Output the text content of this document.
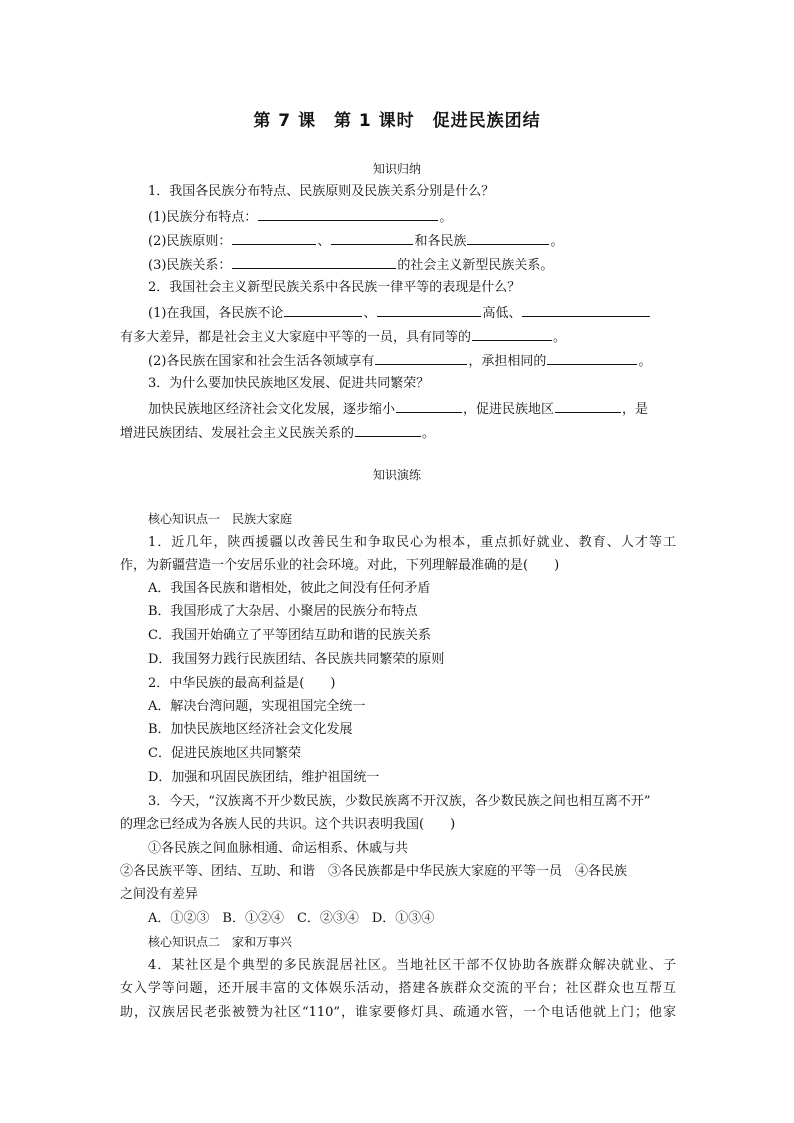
第 7 课　第 1 课时　促进民族团结
知识归纳
1．我国各民族分布特点、民族原则及民族关系分别是什么？
(1)民族分布特点：	。
(2)民族原则：	、	和各民族	。
(3)民族关系：	的社会主义新型民族关系。
2．我国社会主义新型民族关系中各民族一律平等的表现是什么？
(1)在我国，各民族不论	、	高低、
有多大差异，都是社会主义大家庭中平等的一员，具有同等的	。
(2)各民族在国家和社会生活各领域享有	，承担相同的	。
3．为什么要加快民族地区发展、促进共同繁荣？
加快民族地区经济社会文化发展，逐步缩小	，促进民族地区	，是
增进民族团结、发展社会主义民族关系的	。
知识演练
核心知识点一　民族大家庭
1．近几年，陕西援疆以改善民生和争取民心为根本，重点抓好就业、教育、人才等工
作，为新疆营造一个安居乐业的社会环境。对此，下列理解最准确的是(　　)
A．我国各民族和谐相处，彼此之间没有任何矛盾
B．我国形成了大杂居、小聚居的民族分布特点
C．我国开始确立了平等团结互助和谐的民族关系
D．我国努力践行民族团结、各民族共同繁荣的原则
2．中华民族的最高利益是(　　)
A．解决台湾问题，实现祖国完全统一
B．加快民族地区经济社会文化发展
C．促进民族地区共同繁荣
D．加强和巩固民族团结，维护祖国统一
3．今天，“汉族离不开少数民族，少数民族离不开汉族，各少数民族之间也相互离不开”
的理念已经成为各族人民的共识。这个共识表明我国(　　)
①各民族之间血脉相通、命运相系、休戚与共
②各民族平等、团结、互助、和谐　③各民族都是中华民族大家庭的平等一员　④各民族
之间没有差异
A．①②③　B．①②④　C．②③④　D．①③④
核心知识点二　家和万事兴
4．某社区是个典型的多民族混居社区。当地社区干部不仅协助各族群众解决就业、子
女入学等问题，还开展丰富的文体娱乐活动，搭建各族群众交流的平台；社区群众也互帮互
助，汉族居民老张被赞为社区“110”，谁家要修灯具、疏通水管，一个电话他就上门；他家
